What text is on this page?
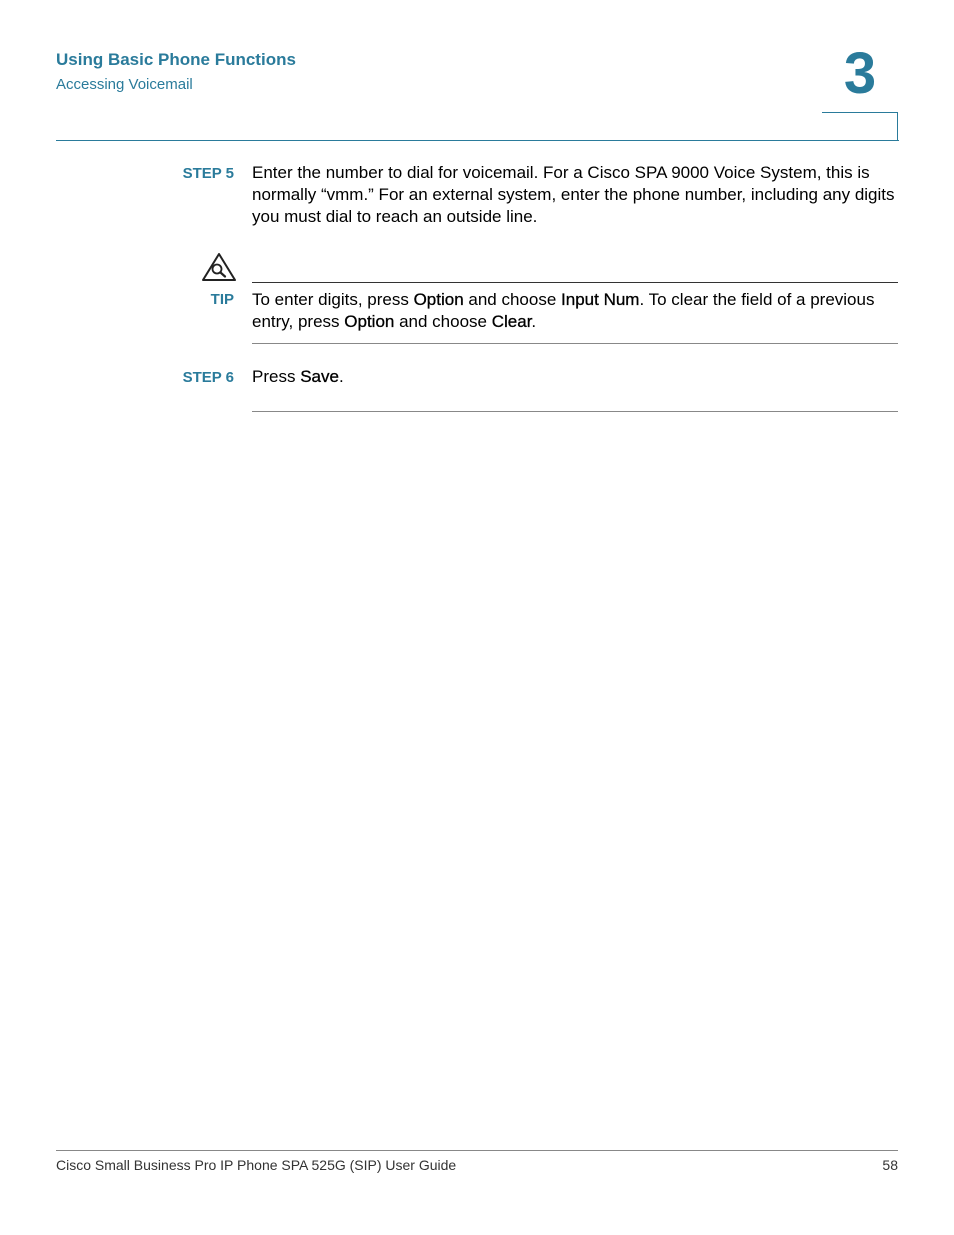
Using Basic Phone Functions
Accessing Voicemail	3
STEP 5 Enter the number to dial for voicemail. For a Cisco SPA 9000 Voice System, this is normally “vmm.” For an external system, enter the phone number, including any digits you must dial to reach an outside line.
TIP To enter digits, press Option and choose Input Num. To clear the field of a previous entry, press Option and choose Clear.
STEP 6 Press Save.
Cisco Small Business Pro IP Phone SPA 525G (SIP) User Guide	58
